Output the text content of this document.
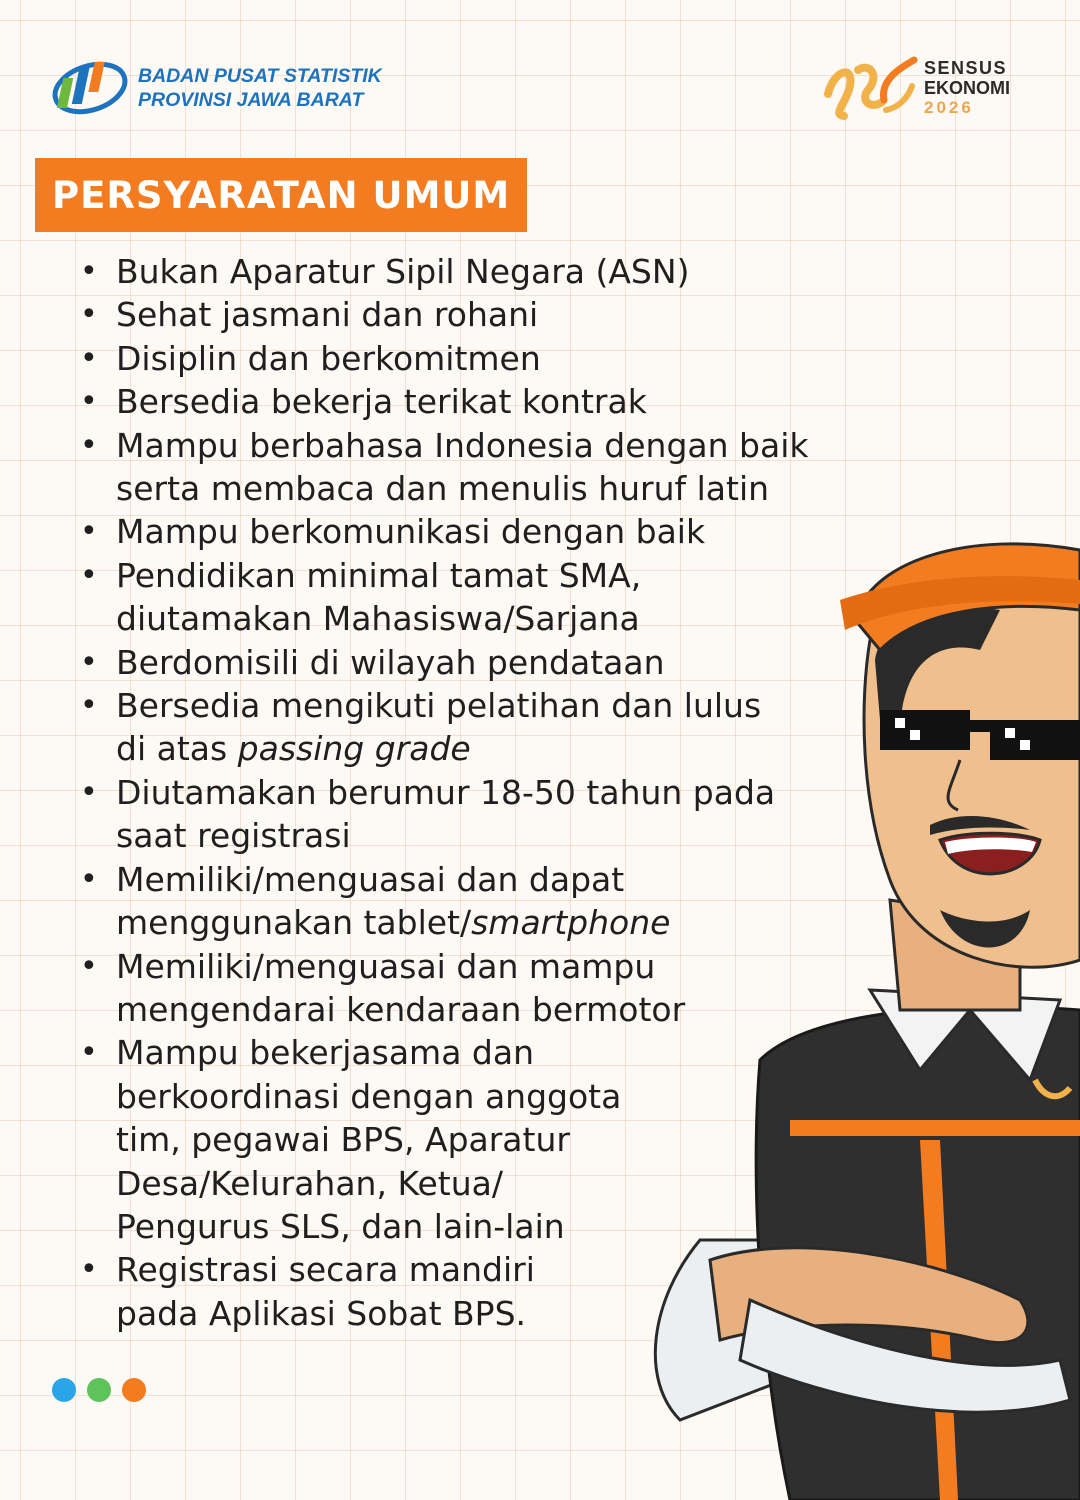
BADAN PUSAT STATISTIK
PROVINSI JAWA BARAT
SENSUS
EKONOMI
2026
PERSYARATAN UMUM
• Bukan Aparatur Sipil Negara (ASN)
• Sehat jasmani dan rohani
• Disiplin dan berkomitmen
• Bersedia bekerja terikat kontrak
• Mampu berbahasa Indonesia dengan baik
serta membaca dan menulis huruf latin
• Mampu berkomunikasi dengan baik
• Pendidikan minimal tamat SMA,
diutamakan Mahasiswa/Sarjana
• Berdomisili di wilayah pendataan
• Bersedia mengikuti pelatihan dan lulus
di atas passing grade
• Diutamakan berumur 18-50 tahun pada
saat registrasi
• Memiliki/menguasai dan dapat
menggunakan tablet/smartphone
• Memiliki/menguasai dan mampu
mengendarai kendaraan bermotor
• Mampu bekerjasama dan
berkoordinasi dengan anggota
tim, pegawai BPS, Aparatur
Desa/Kelurahan, Ketua/
Pengurus SLS, dan lain-lain
• Registrasi secara mandiri
pada Aplikasi Sobat BPS.
